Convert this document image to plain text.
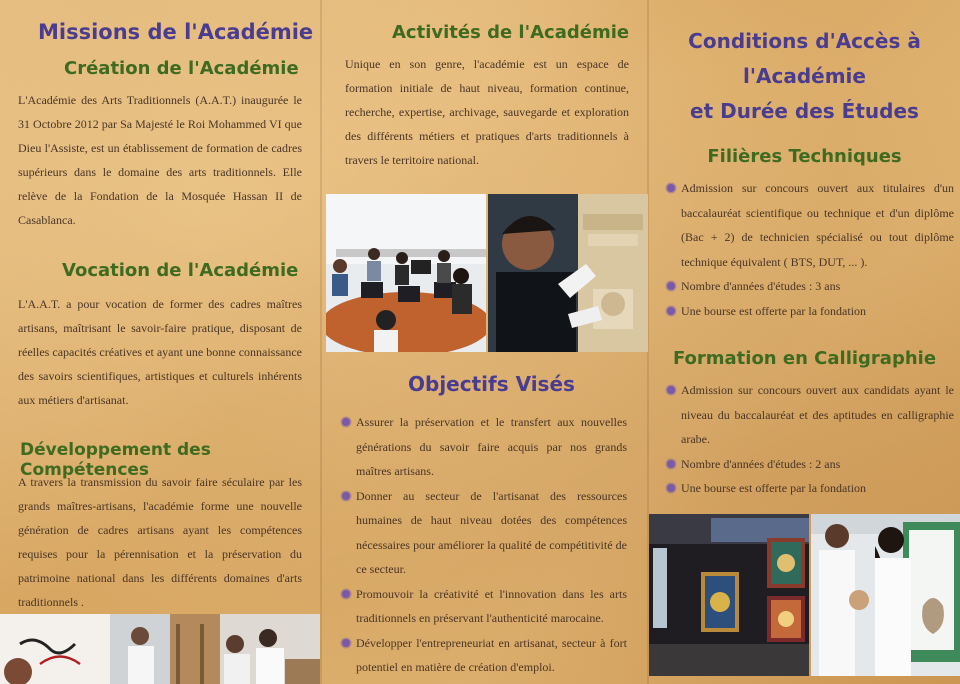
Missions de l'Académie
Création de l'Académie

L'Académie des Arts Traditionnels (A.A.T.) inaugurée le 31 Octobre 2012 par Sa Majesté le Roi Mohammed VI que Dieu l'Assiste, est un établissement de formation de cadres supérieurs dans le domaine des arts traditionnels. Elle relève de la Fondation de la Mosquée Hassan II de Casablanca.

Vocation de l'Académie

L'A.A.T. a pour vocation de former des cadres maîtres artisans, maîtrisant le savoir-faire pratique, disposant de réelles capacités créatives et ayant une bonne connaissance des savoirs scientifiques, artistiques et culturels inhérents aux métiers d'artisanat.

Développement des Compétences

A travers la transmission du savoir faire séculaire par les grands maîtres-artisans, l'académie forme une nouvelle génération de cadres artisans ayant les compétences requises pour la pérennisation et la préservation du patrimoine national dans les différents domaines d'arts traditionnels .

Activités de l'Académie

Unique en son genre, l'académie est un espace de formation initiale de haut niveau, formation continue, recherche, expertise, archivage, sauvegarde et exploration des différents métiers et pratiques d'arts traditionnels à travers le territoire national.

Objectifs Visés
Assurer la préservation et le transfert aux nouvelles générations du savoir faire acquis par nos grands maîtres artisans.
Donner au secteur de l'artisanat des ressources humaines de haut niveau dotées des compétences nécessaires pour améliorer la qualité de compétitivité de ce secteur.
Promouvoir la créativité et l'innovation dans les arts traditionnels en préservant l'authenticité marocaine.
Développer l'entrepreneuriat en artisanat, secteur à fort potentiel en matière de création d'emploi.
Conditions d'Accès à
l'Académie
et Durée des Études
Filières Techniques
Admission sur concours ouvert aux titulaires d'un baccalauréat scientifique ou technique et d'un diplôme (Bac + 2) de technicien spécialisé ou tout diplôme technique équivalent ( BTS, DUT, ... ).
Nombre d'années d'études : 3 ans
Une bourse est offerte par la fondation
Formation en Calligraphie
Admission sur concours ouvert aux candidats ayant le niveau du baccalauréat et des aptitudes en calligraphie arabe.
Nombre d'années d'études : 2 ans
Une bourse est offerte par la fondation
